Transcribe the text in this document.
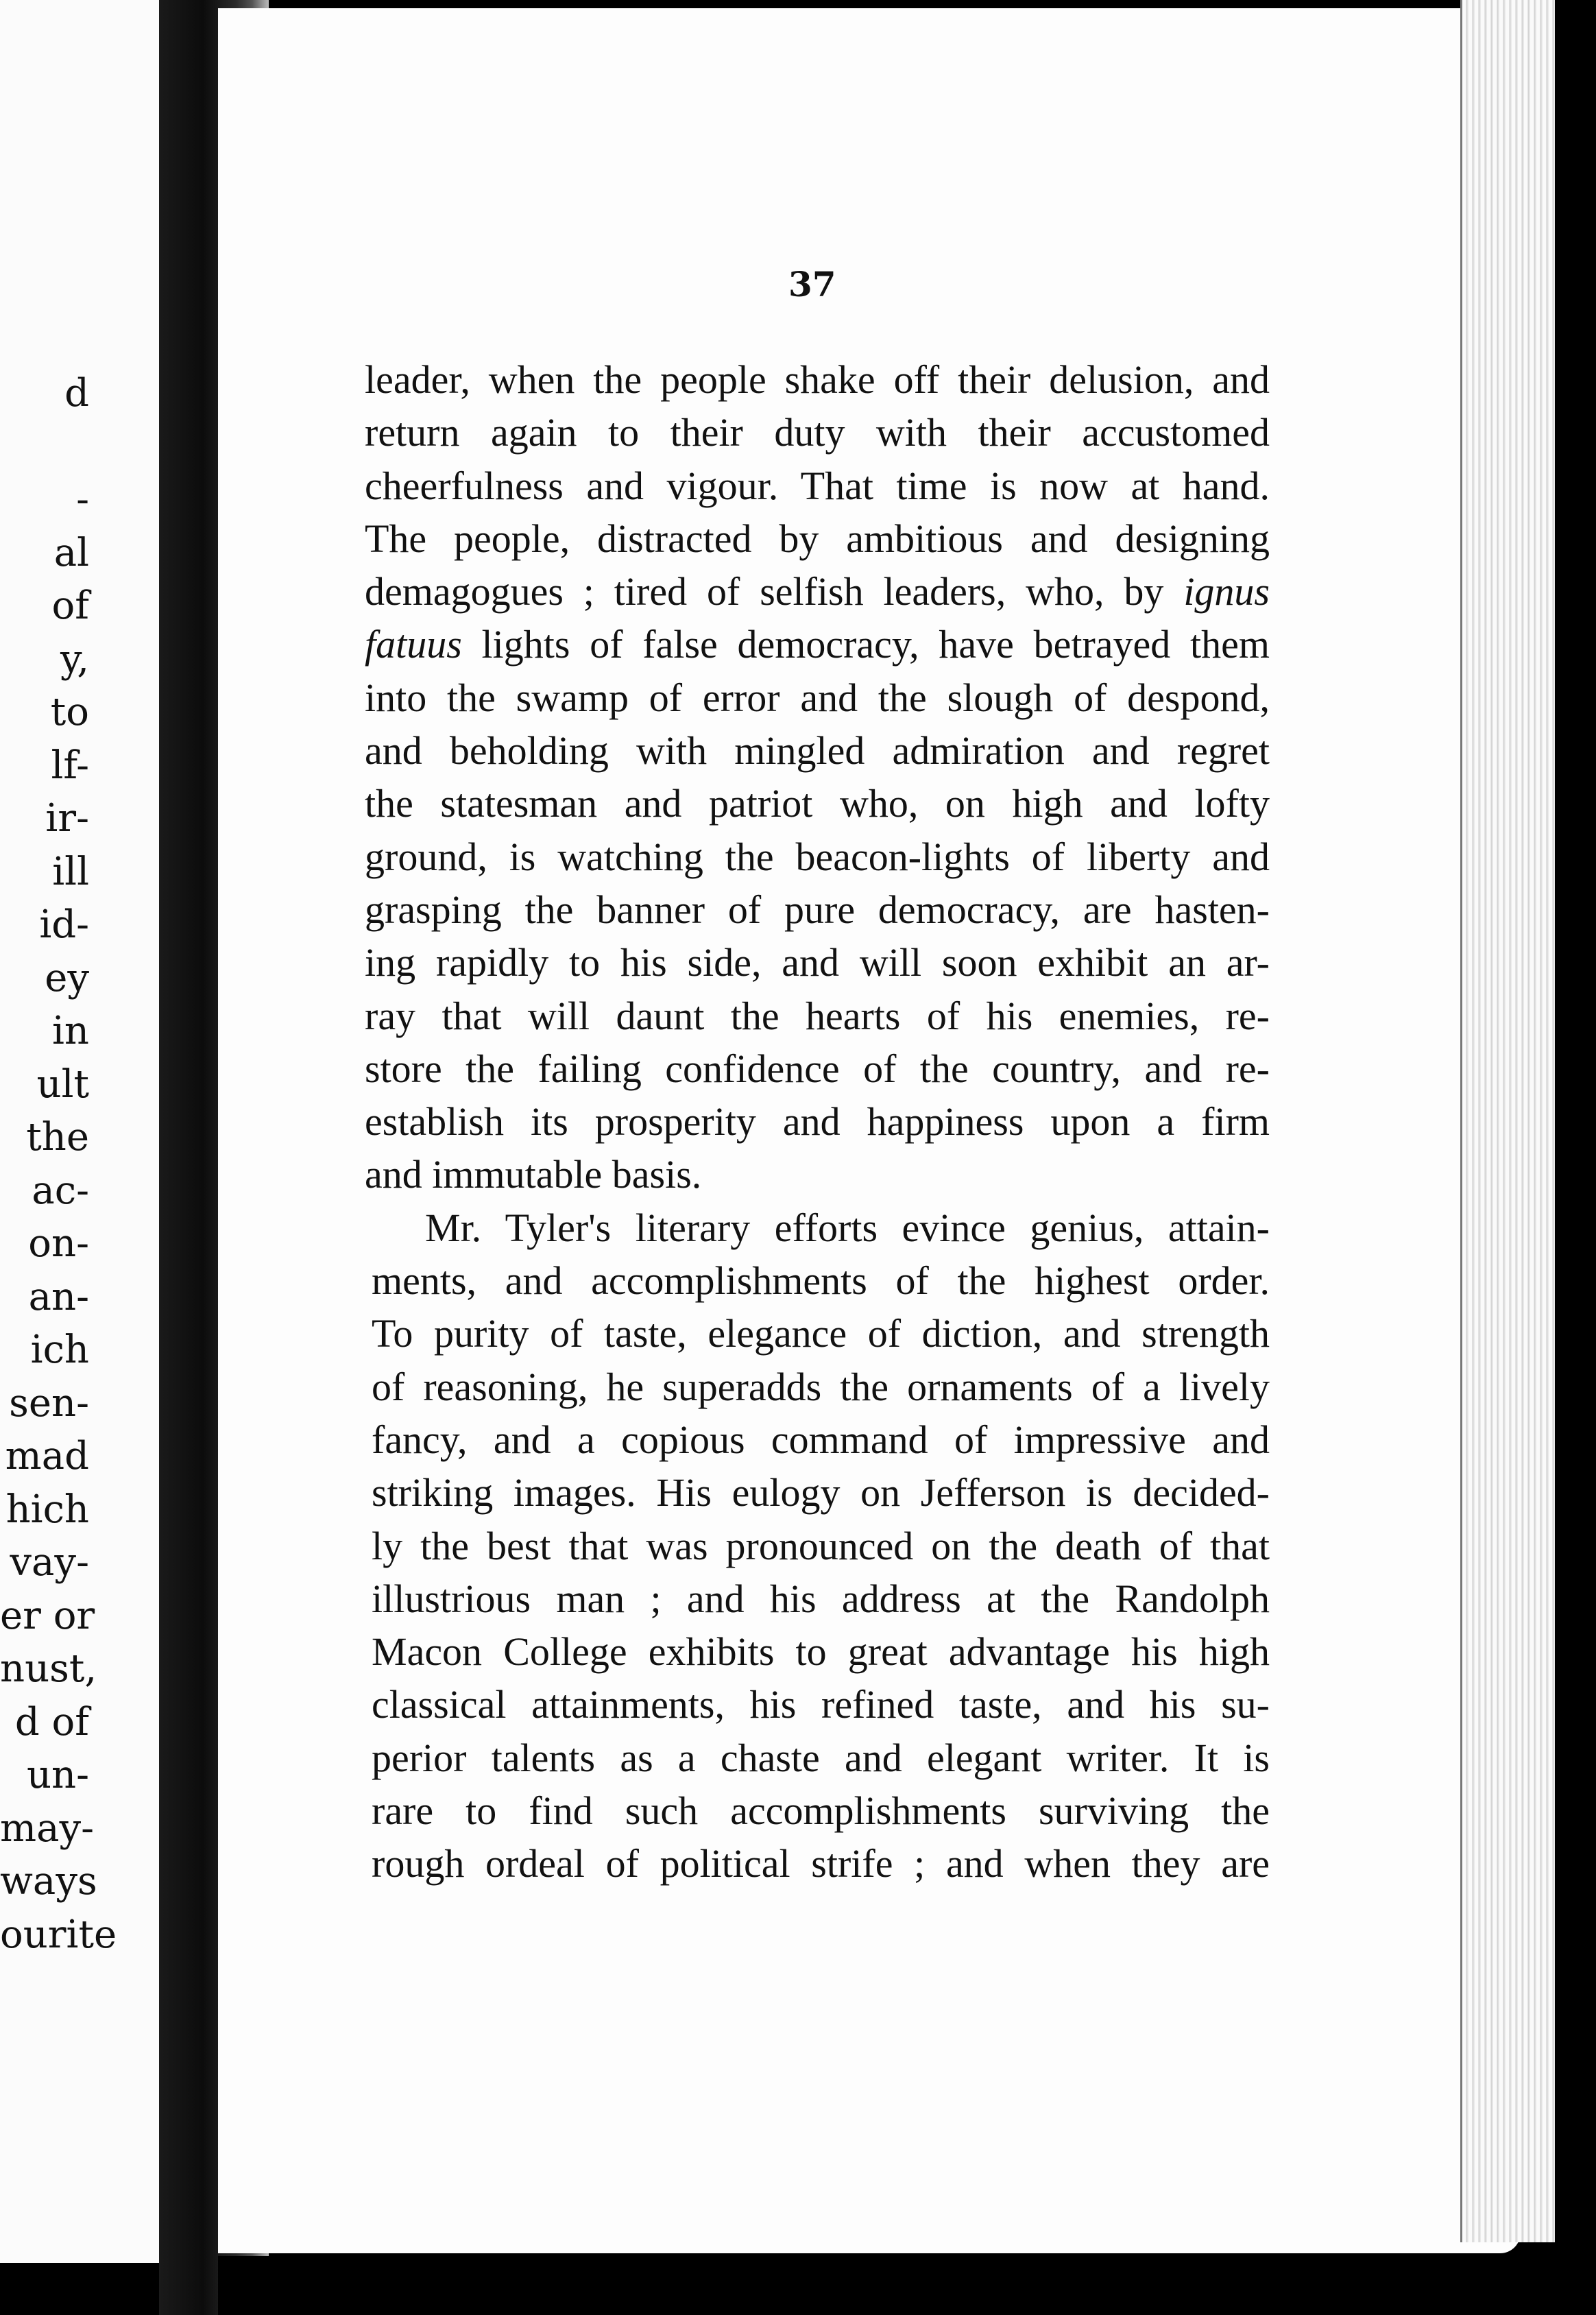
d
-
al
of
y,
to
lf-
ir-
ill
id-
ey
in
ult
the
ac-
on-
an-
ich
sen-
mad
hich
vay-
er or
nust,
d of
un-
may-
ways
ourite
37
leader, when the people shake off their delusion, and
return again to their duty with their accustomed
cheerfulness and vigour. That time is now at hand.
The people, distracted by ambitious and designing
demagogues ; tired of selfish leaders, who, by ignus
fatuus lights of false democracy, have betrayed them
into the swamp of error and the slough of despond,
and beholding with mingled admiration and regret
the statesman and patriot who, on high and lofty
ground, is watching the beacon-lights of liberty and
grasping the banner of pure democracy, are hasten-
ing rapidly to his side, and will soon exhibit an ar-
ray that will daunt the hearts of his enemies, re-
store the failing confidence of the country, and re-
establish its prosperity and happiness upon a firm
and immutable basis.
Mr. Tyler's literary efforts evince genius, attain-
ments, and accomplishments of the highest order.
To purity of taste, elegance of diction, and strength
of reasoning, he superadds the ornaments of a lively
fancy, and a copious command of impressive and
striking images. His eulogy on Jefferson is decided-
ly the best that was pronounced on the death of that
illustrious man ; and his address at the Randolph
Macon College exhibits to great advantage his high
classical attainments, his refined taste, and his su-
perior talents as a chaste and elegant writer. It is
rare to find such accomplishments surviving the
rough ordeal of political strife ; and when they are
